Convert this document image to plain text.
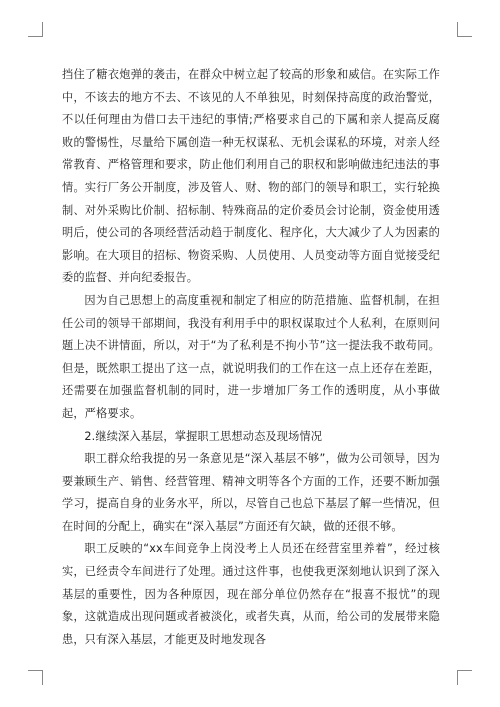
挡住了糖衣炮弹的袭击，在群众中树立起了较高的形象和威信。在实际工作中，不该去的地方不去、不该见的人不单独见，时刻保持高度的政治警觉，不以任何理由为借口去干违纪的事情;严格要求自己的下属和亲人提高反腐败的警惕性，尽量给下属创造一种无权谋私、无机会谋私的环境，对亲人经常教育、严格管理和要求，防止他们利用自己的职权和影响做违纪违法的事情。实行厂务公开制度，涉及管人、财、物的部门的领导和职工，实行轮换制、对外采购比价制、招标制、特殊商品的定价委员会讨论制，资金使用透明后，使公司的各项经营活动趋于制度化、程序化，大大减少了人为因素的影响。在大项目的招标、物资采购、人员使用、人员变动等方面自觉接受纪委的监督、并向纪委报告。

因为自己思想上的高度重视和制定了相应的防范措施、监督机制，在担任公司的领导干部期间，我没有利用手中的职权谋取过个人私利，在原则问题上决不讲情面，所以，对于“为了私利是不拘小节”这一提法我不敢苟同。但是，既然职工提出了这一点，就说明我们的工作在这一点上还存在差距，还需要在加强监督机制的同时，进一步增加厂务工作的透明度，从小事做起，严格要求。

2.继续深入基层，掌握职工思想动态及现场情况

职工群众给我提的另一条意见是“深入基层不够”，做为公司领导，因为要兼顾生产、销售、经营管理、精神文明等各个方面的工作，还要不断加强学习，提高自身的业务水平，所以，尽管自己也总下基层了解一些情况，但在时间的分配上，确实在“深入基层”方面还有欠缺，做的还很不够。

职工反映的“xx车间竞争上岗没考上人员还在经营室里养着”，经过核实，已经责令车间进行了处理。通过这件事，也使我更深刻地认识到了深入基层的重要性，因为各种原因，现在部分单位仍然存在“报喜不报忧”的现象，这就造成出现问题或者被淡化，或者失真，从而，给公司的发展带来隐患，只有深入基层，才能更及时地发现各
